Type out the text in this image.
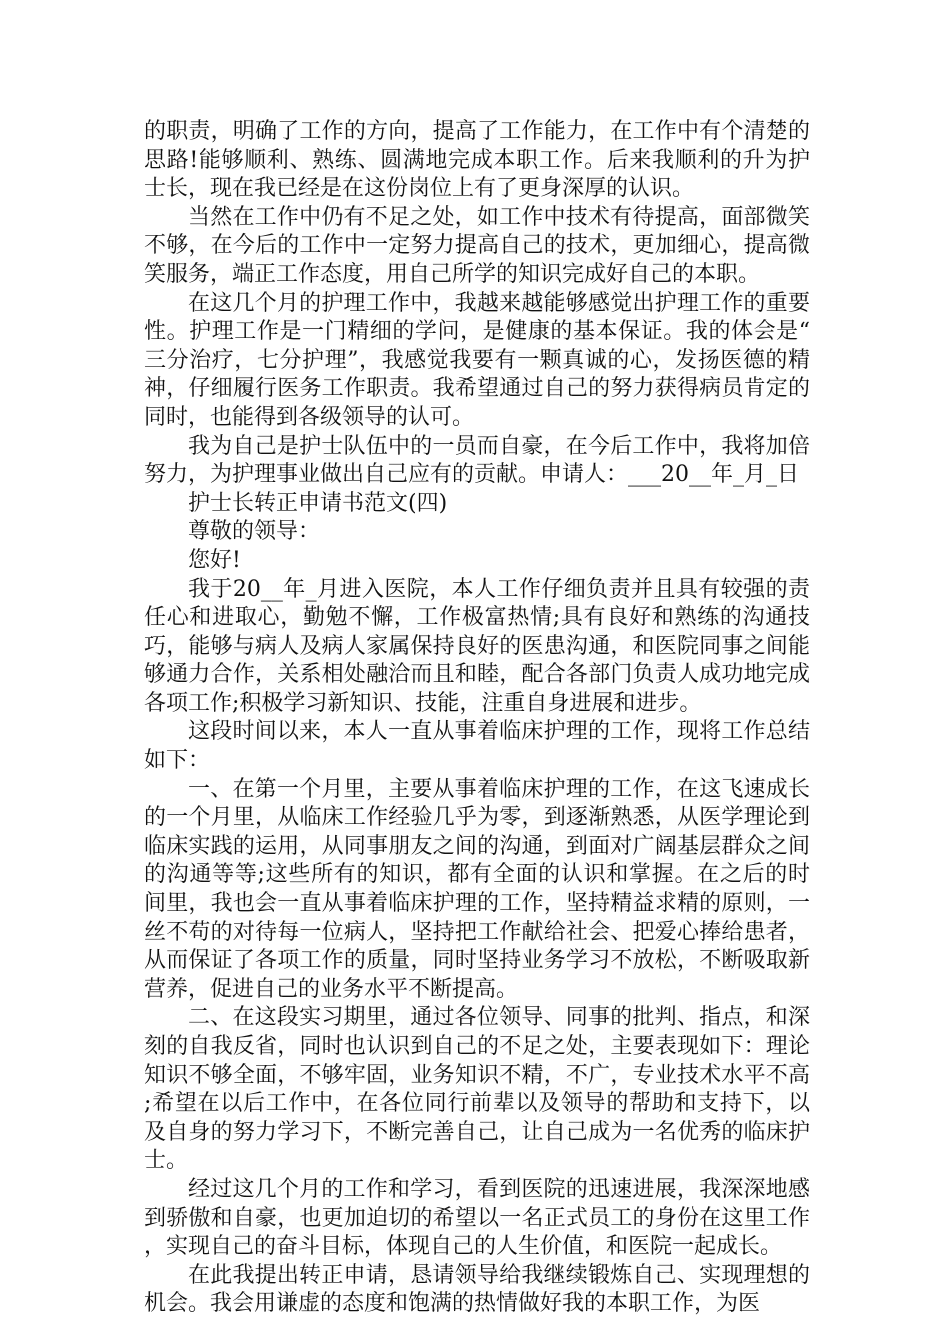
的职责，明确了工作的方向，提高了工作能力，在工作中有个清楚的思路!能够顺利、熟练、圆满地完成本职工作。后来我顺利的升为护士长，现在我已经是在这份岗位上有了更身深厚的认识。

当然在工作中仍有不足之处，如工作中技术有待提高，面部微笑不够，在今后的工作中一定努力提高自己的技术，更加细心，提高微笑服务，端正工作态度，用自己所学的知识完成好自己的本职。

在这几个月的护理工作中，我越来越能够感觉出护理工作的重要性。护理工作是一门精细的学问，是健康的基本保证。我的体会是“三分治疗，七分护理”，我感觉我要有一颗真诚的心，发扬医德的精神，仔细履行医务工作职责。我希望通过自己的努力获得病员肯定的同时，也能得到各级领导的认可。

我为自己是护士队伍中的一员而自豪，在今后工作中，我将加倍努力，为护理事业做出自己应有的贡献。申请人：___20__年_月_日

护士长转正申请书范文(四)

尊敬的领导：

您好!

我于20__年_月进入医院，本人工作仔细负责并且具有较强的责任心和进取心，勤勉不懈，工作极富热情;具有良好和熟练的沟通技巧，能够与病人及病人家属保持良好的医患沟通，和医院同事之间能够通力合作，关系相处融洽而且和睦，配合各部门负责人成功地完成各项工作;积极学习新知识、技能，注重自身进展和进步。

这段时间以来，本人一直从事着临床护理的工作，现将工作总结如下：

一、在第一个月里，主要从事着临床护理的工作，在这飞速成长的一个月里，从临床工作经验几乎为零，到逐渐熟悉，从医学理论到临床实践的运用，从同事朋友之间的沟通，到面对广阔基层群众之间的沟通等等;这些所有的知识，都有全面的认识和掌握。在之后的时间里，我也会一直从事着临床护理的工作，坚持精益求精的原则，一丝不苟的对待每一位病人，坚持把工作献给社会、把爱心捧给患者，从而保证了各项工作的质量，同时坚持业务学习不放松，不断吸取新营养，促进自己的业务水平不断提高。

二、在这段实习期里，通过各位领导、同事的批判、指点，和深刻的自我反省，同时也认识到自己的不足之处，主要表现如下：理论知识不够全面，不够牢固，业务知识不精，不广，专业技术水平不高;希望在以后工作中，在各位同行前辈以及领导的帮助和支持下，以及自身的努力学习下，不断完善自己，让自己成为一名优秀的临床护士。

经过这几个月的工作和学习，看到医院的迅速进展，我深深地感到骄傲和自豪，也更加迫切的希望以一名正式员工的身份在这里工作，实现自己的奋斗目标，体现自己的人生价值，和医院一起成长。

在此我提出转正申请，恳请领导给我继续锻炼自己、实现理想的机会。我会用谦虚的态度和饱满的热情做好我的本职工作，为医
